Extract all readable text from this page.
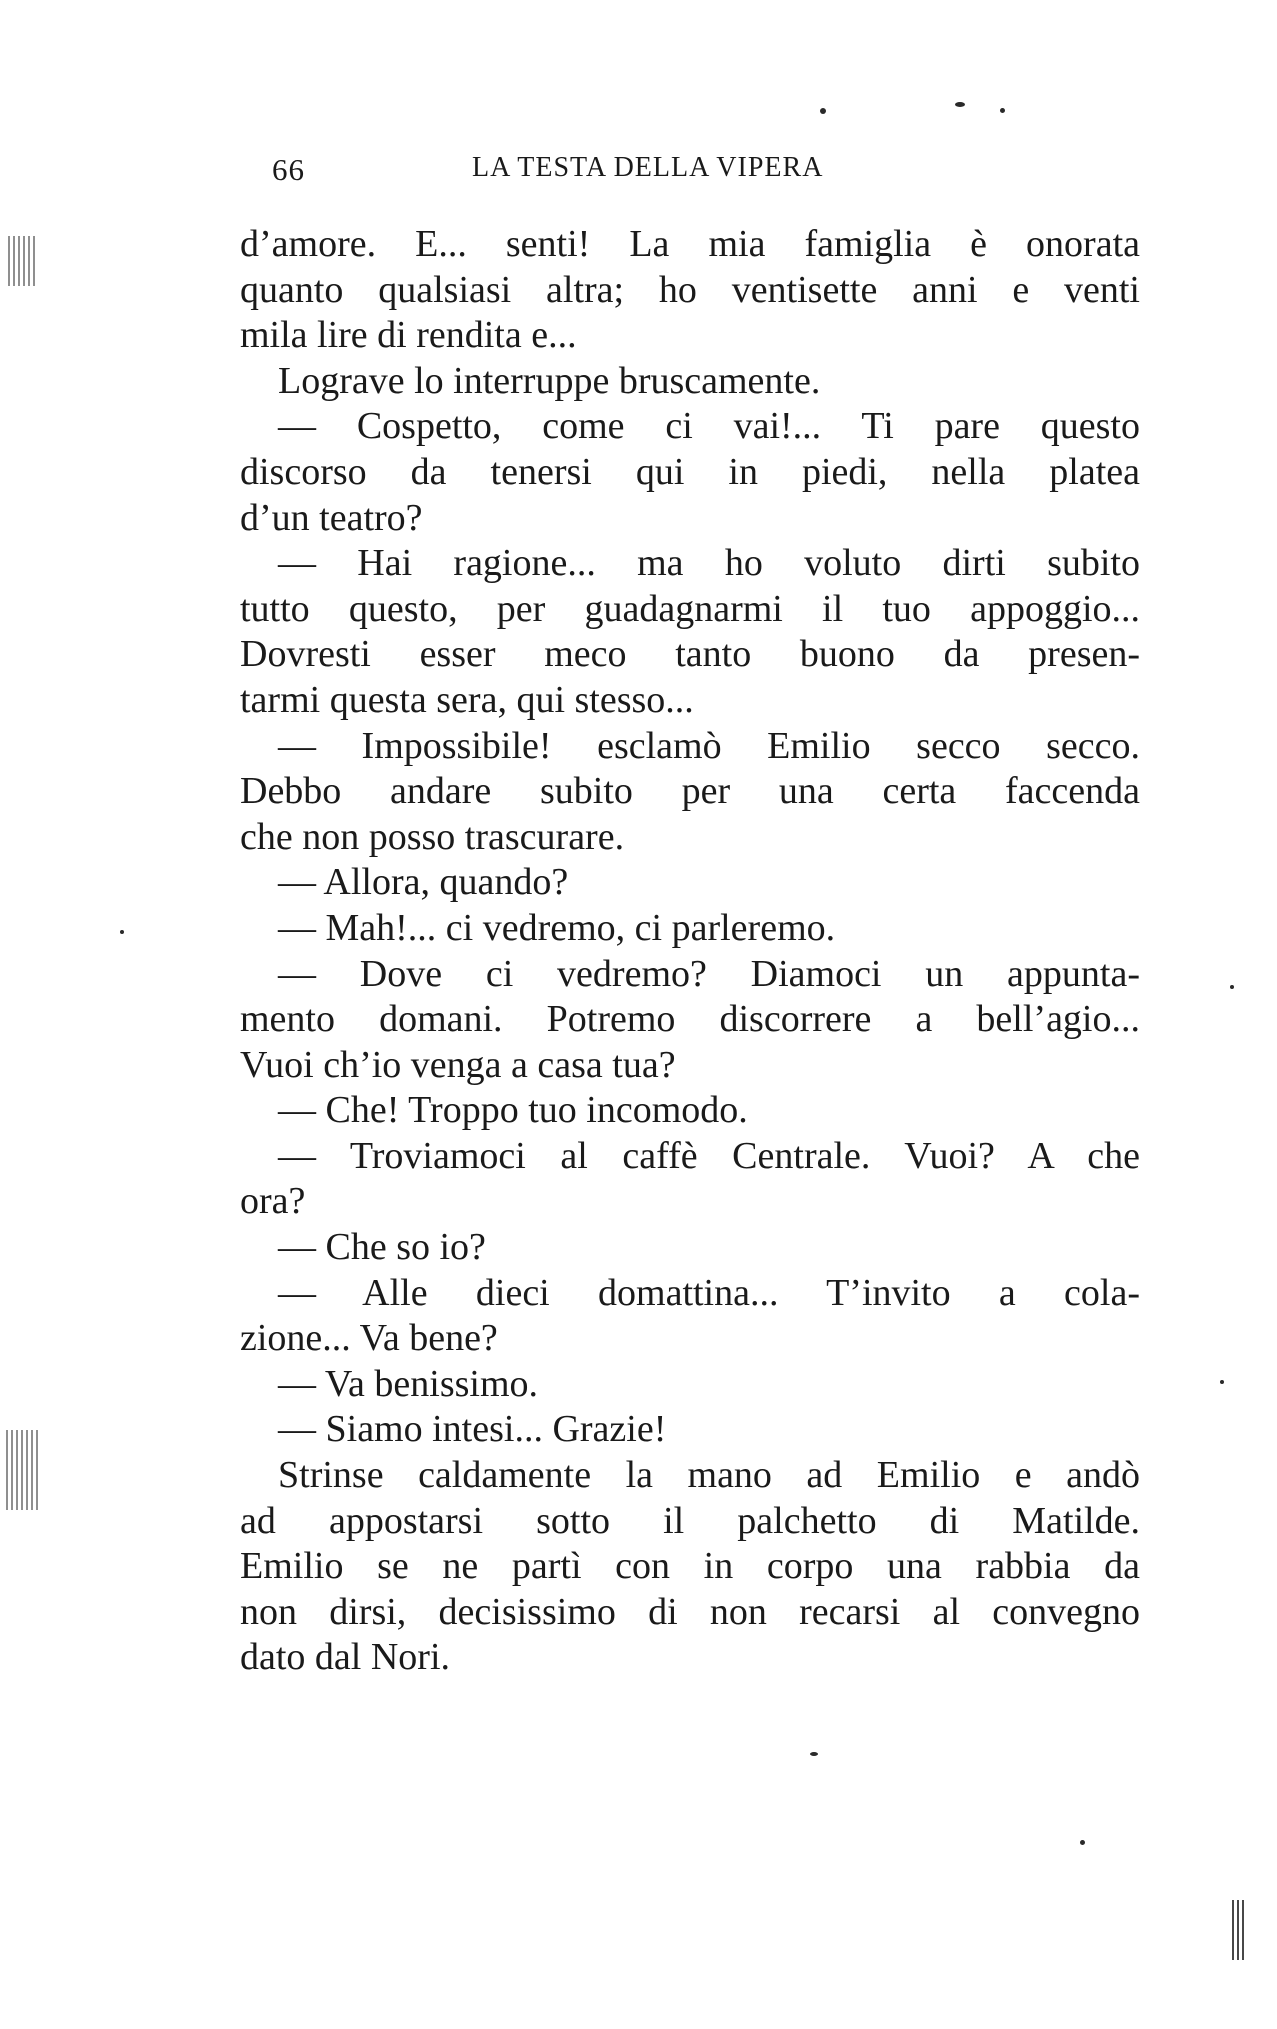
66	LA TESTA DELLA VIPERA
d’amore. E... senti! La mia famiglia è onorata
quanto qualsiasi altra; ho ventisette anni e venti
mila lire di rendita e...
Lograve lo interruppe bruscamente.
— Cospetto, come ci vai!... Ti pare questo
discorso da tenersi qui in piedi, nella platea
d’un teatro?
— Hai ragione... ma ho voluto dirti subito
tutto questo, per guadagnarmi il tuo appoggio...
Dovresti esser meco tanto buono da presen-
tarmi questa sera, qui stesso...
— Impossibile! esclamò Emilio secco secco.
Debbo andare subito per una certa faccenda
che non posso trascurare.
— Allora, quando?
— Mah!... ci vedremo, ci parleremo.
— Dove ci vedremo? Diamoci un appunta-
mento domani. Potremo discorrere a bell’agio...
Vuoi ch’io venga a casa tua?
— Che! Troppo tuo incomodo.
— Troviamoci al caffè Centrale. Vuoi? A che
ora?
— Che so io?
— Alle dieci domattina... T’invito a cola-
zione... Va bene?
— Va benissimo.
— Siamo intesi... Grazie!
Strinse caldamente la mano ad Emilio e andò
ad appostarsi sotto il palchetto di Matilde.
Emilio se ne partì con in corpo una rabbia da
non dirsi, decisissimo di non recarsi al convegno
dato dal Nori.
